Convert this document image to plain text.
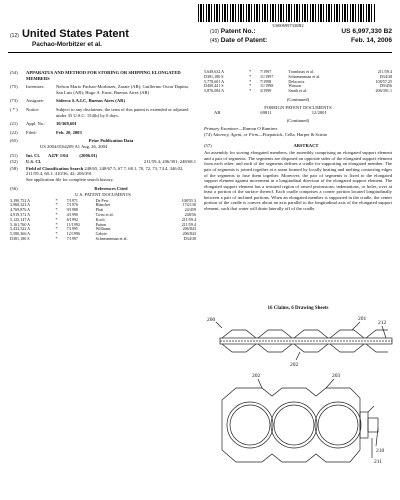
US006997330B2
(12) United States Patent
Pachao-Morbitzer et al.
(10) Patent No.:	US 6,997,330 B2
(45) Date of Patent:	Feb. 14, 2006
(54)	APPARATUS AND METHOD FOR STORING OR SHIPPING ELONGATED MEMBERS
(75)	Inventors:	Nelson Mario Pachao-Morbitzer, Zarate (AR); Guillermo Oscar Dapino, San Luis (AR); Hugo A. Ernst, Buenos Aires (AR)
(73)	Assignee:	Siderca S.A.I.C, Buenos Aires (AR)
( * )	Notice:	Subject to any disclaimer, the term of this patent is extended or adjusted under 35 U.S.C. 154(b) by 0 days.
(21)	Appl. No.:	10/368,601
(22)	Filed:	Feb. 20, 2003
(65)	Prior Publication Data
US 2004/0164209 A1 Aug. 26, 2004
(51)	Int. Cl.	A47F 1/04          (2006.01)
(52)	U.S. Cl.	211/59.4; 206/391; 248/68.1
(58)	Field of Classification Search 248/65, 248/67.5, 67.7, 68.1, 70, 72, 73, 74.4, 346.02, 211/59.4, 60.1; 410/36, 42; 206/391
See application file for complete search history.
(56)	References Cited
U.S. PATENT DOCUMENTS
3,190,752 A	*	7/1971	De Pew	108/55.3
3,968,323 A	*	7/1976	Blanchet	174/130
4,769,876 A	*	9/1988	Platt	24/459
4,919,372 A	*	4/1990	Twist et al.	248/56
5,125,147 A	*	6/1992	Koch	211/59.4
5,161,760 A	*	11/1992	Patton	211/59.4
5,433,522 A	*	7/1995	Williams	206/843
5,580,366 A	*	12/1996	Gebrie	206/843
D381,180 S	*	7/1997	Schneuneman et al.	D34/38
5,649,632 A	*	7/1997	Trombitas et al.	211/59.4
D381,180 S	*	11/1997	Schneuneman et al.	D34/38
5,778,601 A	*	7/1998	Delacroix	108/57.25
D400,441 S	*	11/1998	Wasson	D9/456
5,876,084 A	*	3/1999	Smith et al.	206/391.1
(Continued)
FOREIGN PATENT DOCUMENTS
AR	69811	12/2001
(Continued)
Primary Examiner—Ramon O Ramirez
(74) Attorney, Agent, or Firm—Fitzpatrick, Cella, Harper & Scinto
(57)	ABSTRACT
An assembly for storing elongated members, the assembly comprising an elongated support element and a pair of segments. The segments are disposed on opposite sides of the elongated support element from each other, and each of the segments defines a cradle for supporting an elongated member. The pair of segments is joined together at a seam formed by locally heating and melting contacting edges of the segments to fuse them together. Moreover, the pair of segments is fixed to the elongated support element against movement in a longitudinal direction of the elongated support element. The elongated support element has a textured region of raised protrusions, indentations, or holes, over at least a portion of the surface thereof. Each cradle comprises a corner portion located longitudinally between a pair of inclined portions. When an elongated member is supported in the cradle, the center portion of the cradle is convex about an axis parallel to the longitudinal axis of the elongated support element, such that water will drain laterally off of the cradle.
16 Claims, 6 Drawing Sheets
200	201
212
202
202	203
210
211
